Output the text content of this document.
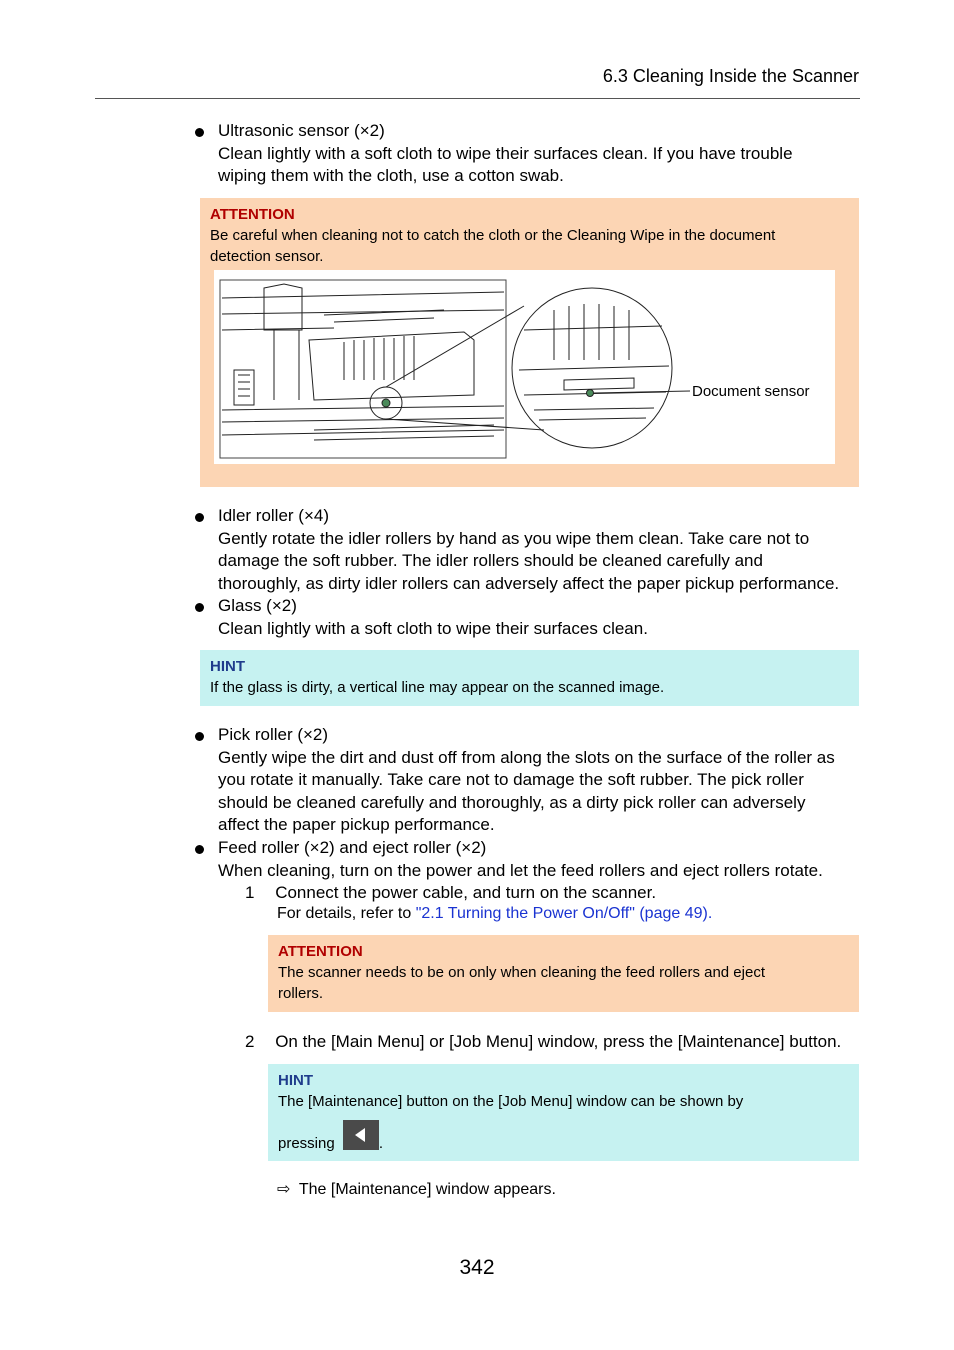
6.3 Cleaning Inside the Scanner
Ultrasonic sensor (×2)
Clean lightly with a soft cloth to wipe their surfaces clean. If you have trouble
wiping them with the cloth, use a cotton swab.
ATTENTION
Be careful when cleaning not to catch the cloth or the Cleaning Wipe in the document
detection sensor.
Document sensor
Idler roller (×4)
Gently rotate the idler rollers by hand as you wipe them clean. Take care not to
damage the soft rubber. The idler rollers should be cleaned carefully and
thoroughly, as dirty idler rollers can adversely affect the paper pickup performance.
Glass (×2)
Clean lightly with a soft cloth to wipe their surfaces clean.
HINT
If the glass is dirty, a vertical line may appear on the scanned image.
Pick roller (×2)
Gently wipe the dirt and dust off from along the slots on the surface of the roller as
you rotate it manually. Take care not to damage the soft rubber. The pick roller
should be cleaned carefully and thoroughly, as a dirty pick roller can adversely
affect the paper pickup performance.
Feed roller (×2) and eject roller (×2)
When cleaning, turn on the power and let the feed rollers and eject rollers rotate.
1 Connect the power cable, and turn on the scanner.
For details, refer to "2.1 Turning the Power On/Off" (page 49).
ATTENTION
The scanner needs to be on only when cleaning the feed rollers and eject
rollers.
2 On the [Main Menu] or [Job Menu] window, press the [Maintenance] button.
HINT
The [Maintenance] button on the [Job Menu] window can be shown by
pressing	.
⇨ The [Maintenance] window appears.
342
